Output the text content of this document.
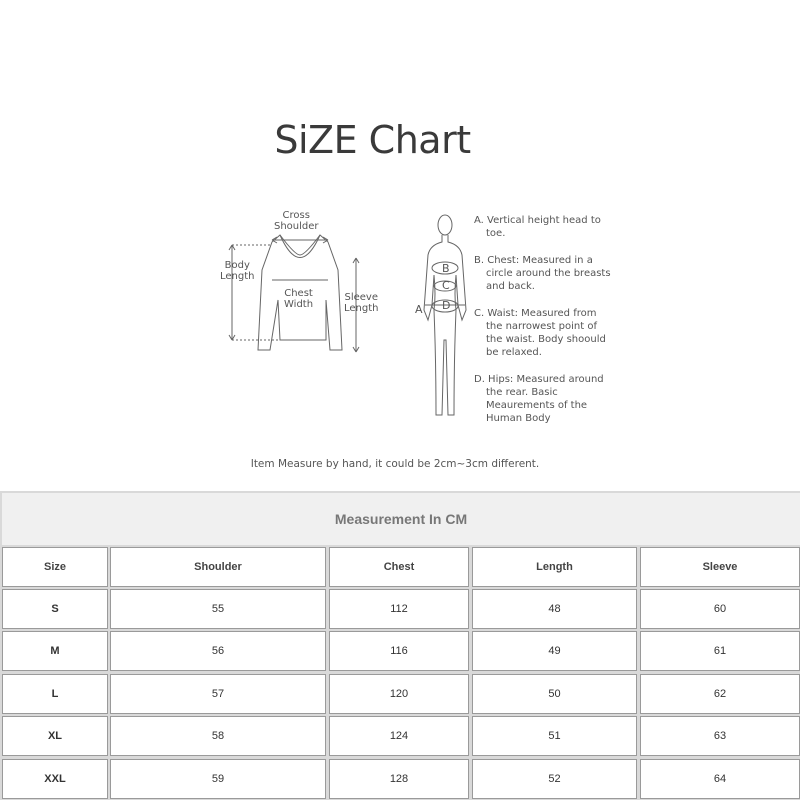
SiZE Chart
Cross
Shoulder
Body
Length
Chest
Width
Sleeve
Length	A
B
C
D
A. Vertical height head to toe.
B. Chest: Measured in a circle around the breasts and back.
C. Waist: Measured from the narrowest point of the waist. Body shoould be relaxed.
D. Hips: Measured around the rear. Basic Meaurements of the Human Body
Item Measure by hand, it could be 2cm~3cm different.
Measurement In CM
Size	Shoulder	Chest	Length	Sleeve
S	55	112	48	60
M	56	116	49	61
L	57	120	50	62
XL	58	124	51	63
XXL	59	128	52	64
